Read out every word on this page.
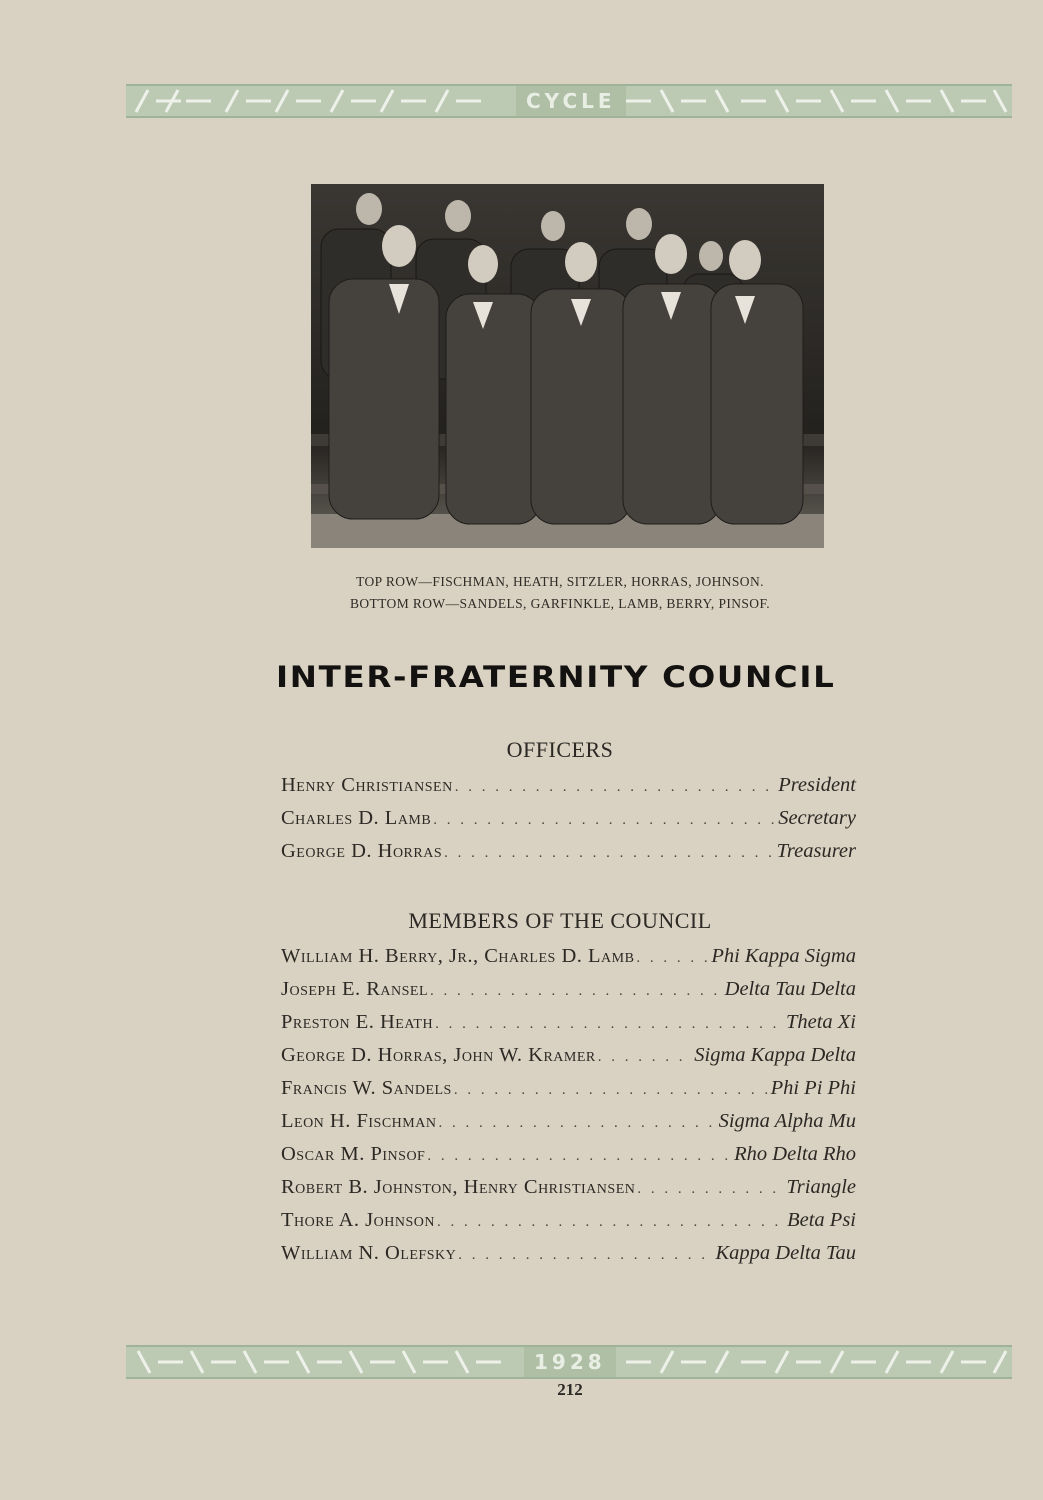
CYCLE
TOP ROW—FISCHMAN, HEATH, SITZLER, HORRAS, JOHNSON.
BOTTOM ROW—SANDELS, GARFINKLE, LAMB, BERRY, PINSOF.
INTER-FRATERNITY COUNCIL
OFFICERS
Henry Christiansen . . .	President
Charles D. Lamb . . .	Secretary
George D. Horras . . .	Treasurer
MEMBERS OF THE COUNCIL
William H. Berry, Jr., Charles D. Lamb . . .	Phi Kappa Sigma
Joseph E. Ransel . . .	Delta Tau Delta
Preston E. Heath . . .	Theta Xi
George D. Horras, John W. Kramer . . .	Sigma Kappa Delta
Francis W. Sandels . . .	Phi Pi Phi
Leon H. Fischman . . .	Sigma Alpha Mu
Oscar M. Pinsof . . .	Rho Delta Rho
Robert B. Johnston, Henry Christiansen . . .	Triangle
Thore A. Johnson . . .	Beta Psi
William N. Olefsky . . .	Kappa Delta Tau
1928
212
